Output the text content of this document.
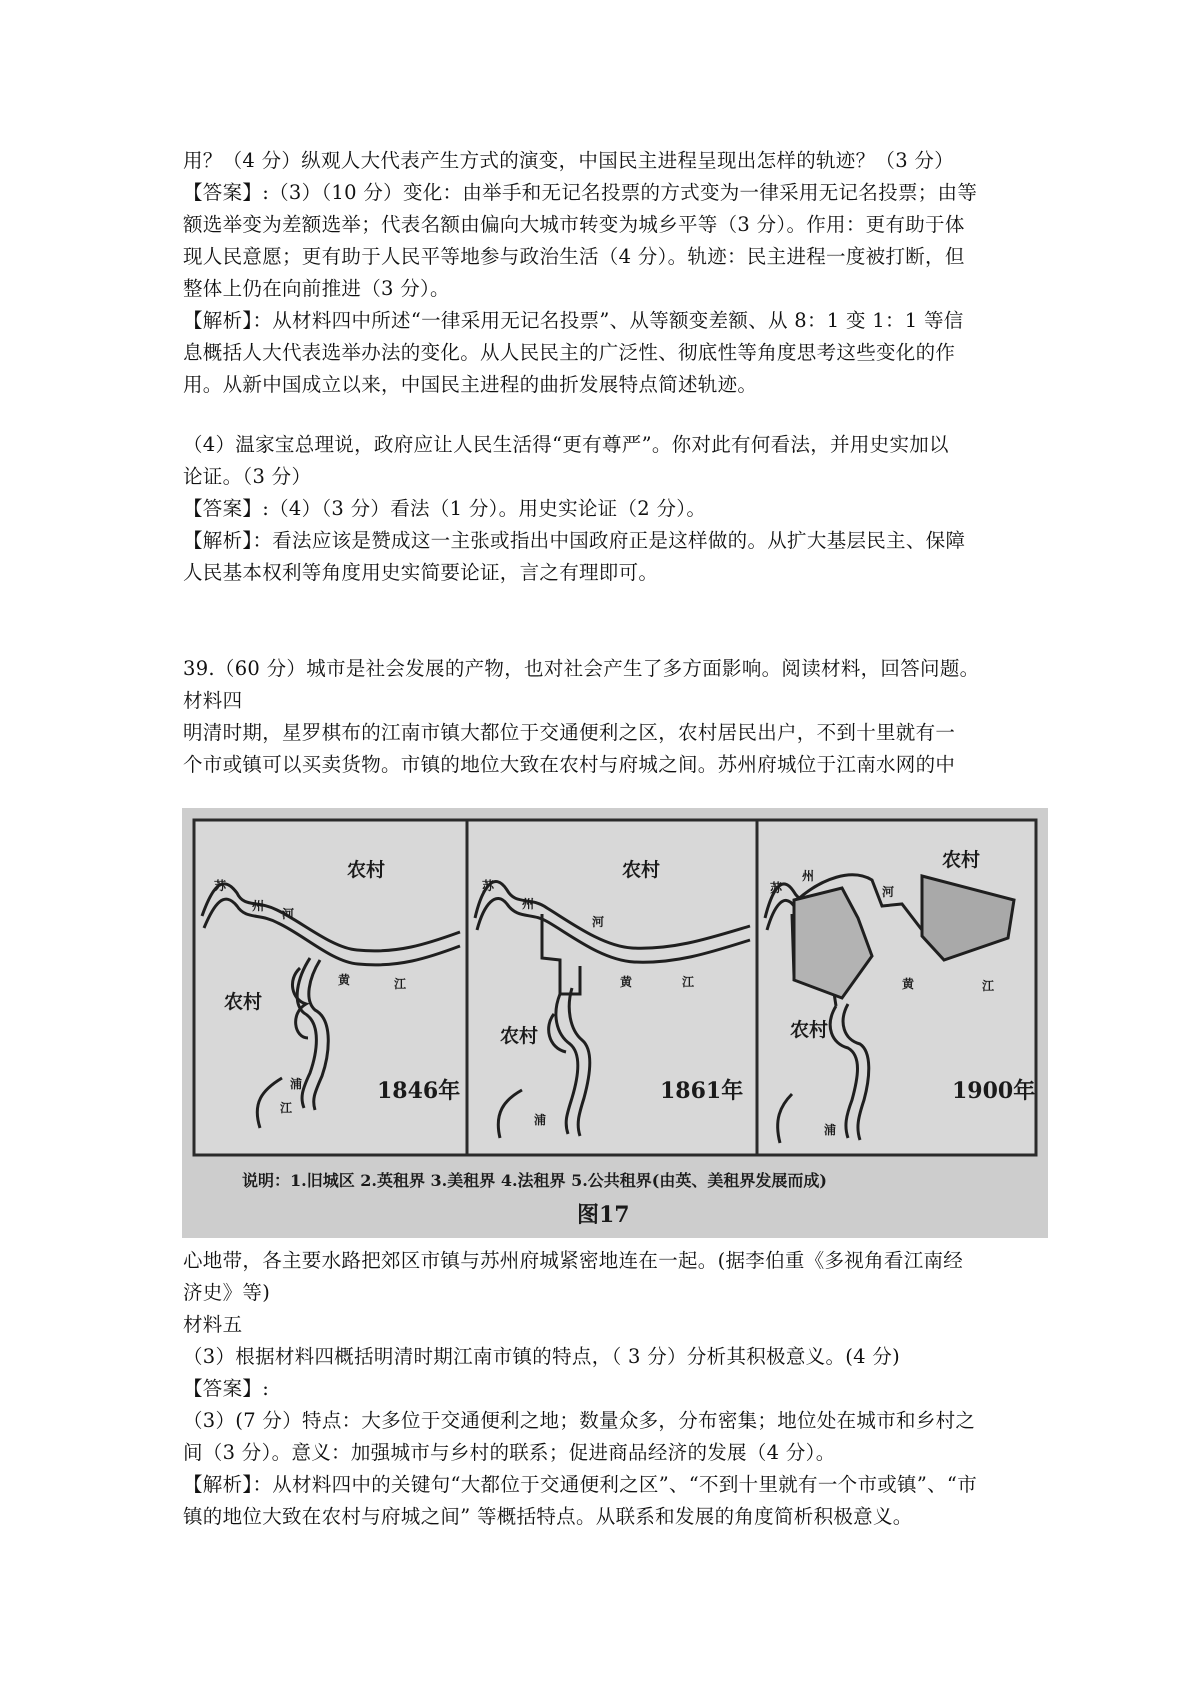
用？（4 分）纵观人大代表产生方式的演变，中国民主进程呈现出怎样的轨迹？（3 分）
【答案】:（3）（10 分）变化：由举手和无记名投票的方式变为一律采用无记名投票；由等
额选举变为差额选举；代表名额由偏向大城市转变为城乡平等（3 分）。作用：更有助于体
现人民意愿；更有助于人民平等地参与政治生活（4 分）。轨迹：民主进程一度被打断，但
整体上仍在向前推进（3 分）。
【解析】：从材料四中所述“一律采用无记名投票”、从等额变差额、从 8：1 变 1：1 等信
息概括人大代表选举办法的变化。从人民民主的广泛性、彻底性等角度思考这些变化的作
用。从新中国成立以来，中国民主进程的曲折发展特点简述轨迹。
（4）温家宝总理说，政府应让人民生活得“更有尊严”。你对此有何看法，并用史实加以
论证。（3 分）
【答案】:（4）（3 分）看法（1 分）。用史实论证（2 分）。
【解析】：看法应该是赞成这一主张或指出中国政府正是这样做的。从扩大基层民主、保障
人民基本权利等角度用史实简要论证，言之有理即可。
39.（60 分）城市是社会发展的产物，也对社会产生了多方面影响。阅读材料，回答问题。
材料四
明清时期，星罗棋布的江南市镇大都位于交通便利之区，农村居民出户，不到十里就有一
个市或镇可以买卖货物。市镇的地位大致在农村与府城之间。苏州府城位于江南水网的中
农村
农村
苏
州
河
江
黄
浦
江
1846年
农村
农村
苏
州
河
江
黄
浦
1861年
农村
农村
苏
州
河
江
黄
浦
1900年
说明：1.旧城区 2.英租界 3.美租界 4.法租界 5.公共租界(由英、美租界发展而成)
图17
心地带，各主要水路把郊区市镇与苏州府城紧密地连在一起。(据李伯重《多视角看江南经
济史》等)
材料五
（3）根据材料四概括明清时期江南市镇的特点，（ 3 分）分析其积极意义。(4 分)
【答案】:
（3）(7 分）特点：大多位于交通便利之地；数量众多，分布密集；地位处在城市和乡村之
间（3 分）。意义：加强城市与乡村的联系；促进商品经济的发展（4 分）。
【解析】：从材料四中的关键句“大都位于交通便利之区”、“不到十里就有一个市或镇”、“市
镇的地位大致在农村与府城之间” 等概括特点。从联系和发展的角度简析积极意义。
